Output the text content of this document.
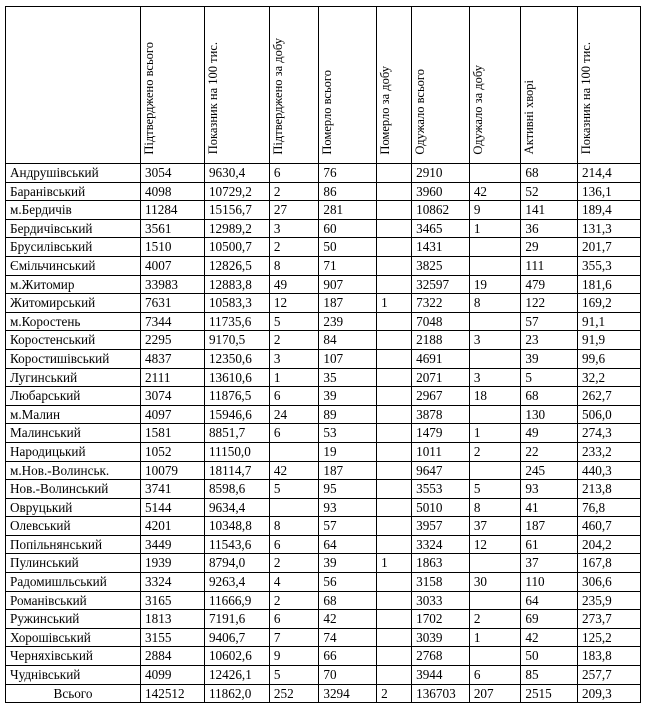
	Підтверджено всього	Показник на 100 тис.	Підтверджено за добу	Померло всього	Померло за добу	Одужало всього	Одужало за добу	Активні хворі	Показник на 100 тис.
Андрушівський	3054	9630,4	6	76		2910		68	214,4
Баранівський	4098	10729,2	2	86		3960	42	52	136,1
м.Бердичів	11284	15156,7	27	281		10862	9	141	189,4
Бердичівський	3561	12989,2	3	60		3465	1	36	131,3
Брусилівський	1510	10500,7	2	50		1431		29	201,7
Ємільчинський	4007	12826,5	8	71		3825		111	355,3
м.Житомир	33983	12883,8	49	907		32597	19	479	181,6
Житомирський	7631	10583,3	12	187	1	7322	8	122	169,2
м.Коростень	7344	11735,6	5	239		7048		57	91,1
Коростенський	2295	9170,5	2	84		2188	3	23	91,9
Коростишівський	4837	12350,6	3	107		4691		39	99,6
Лугинський	2111	13610,6	1	35		2071	3	5	32,2
Любарський	3074	11876,5	6	39		2967	18	68	262,7
м.Малин	4097	15946,6	24	89		3878		130	506,0
Малинський	1581	8851,7	6	53		1479	1	49	274,3
Народицький	1052	11150,0		19		1011	2	22	233,2
м.Нов.-Волинськ.	10079	18114,7	42	187		9647		245	440,3
Нов.-Волинський	3741	8598,6	5	95		3553	5	93	213,8
Овруцький	5144	9634,4		93		5010	8	41	76,8
Олевський	4201	10348,8	8	57		3957	37	187	460,7
Попільнянський	3449	11543,6	6	64		3324	12	61	204,2
Пулинський	1939	8794,0	2	39	1	1863		37	167,8
Радомишльський	3324	9263,4	4	56		3158	30	110	306,6
Романівський	3165	11666,9	2	68		3033		64	235,9
Ружинський	1813	7191,6	6	42		1702	2	69	273,7
Хорошівський	3155	9406,7	7	74		3039	1	42	125,2
Черняхівський	2884	10602,6	9	66		2768		50	183,8
Чуднівський	4099	12426,1	5	70		3944	6	85	257,7
Всього	142512	11862,0	252	3294	2	136703	207	2515	209,3
